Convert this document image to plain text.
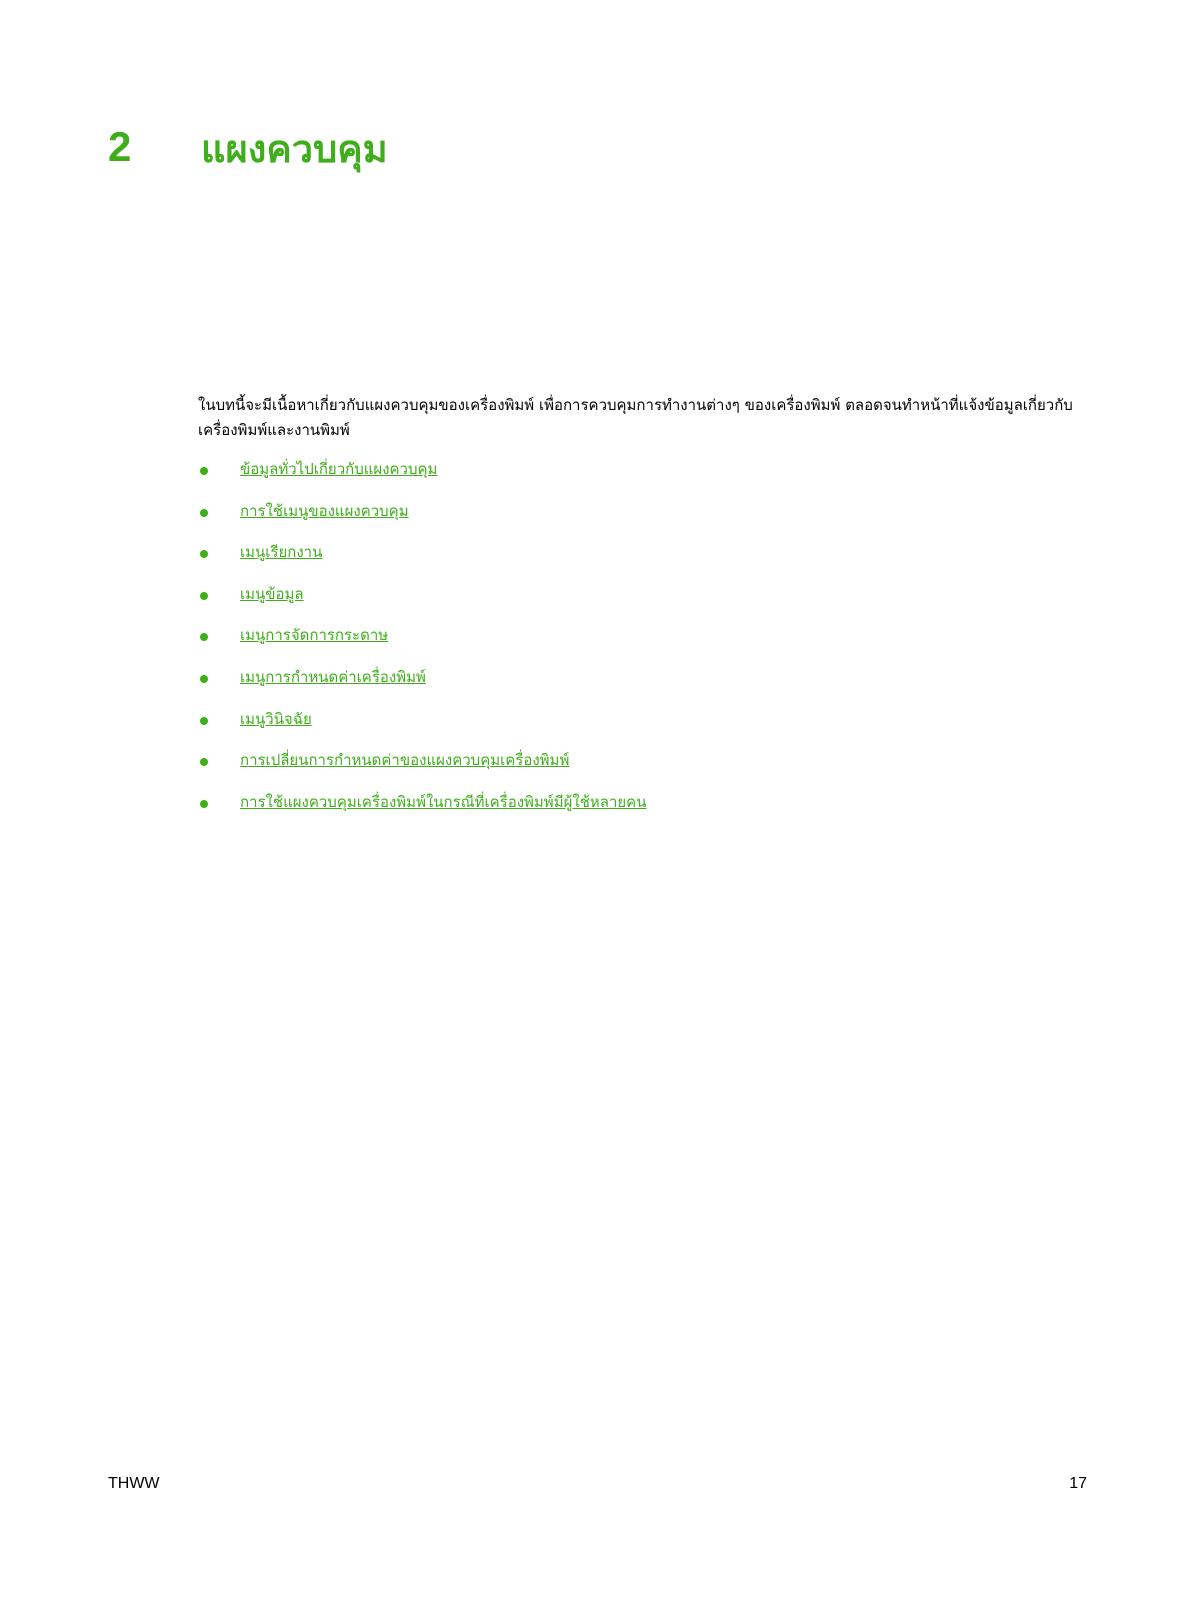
2 แผงควบคุม

ในบทนี้จะมีเนื้อหาเกี่ยวกับแผงควบคุมของเครื่องพิมพ์ เพื่อการควบคุมการทำงานต่างๆ ของเครื่องพิมพ์ ตลอดจนทำหน้าที่แจ้งข้อมูลเกี่ยวกับเครื่องพิมพ์และงานพิมพ์

ข้อมูลทั่วไปเกี่ยวกับแผงควบคุม
การใช้เมนูของแผงควบคุม
เมนูเรียกงาน
เมนูข้อมูล
เมนูการจัดการกระดาษ
เมนูการกำหนดค่าเครื่องพิมพ์
เมนูวินิจฉัย
การเปลี่ยนการกำหนดค่าของแผงควบคุมเครื่องพิมพ์
การใช้แผงควบคุมเครื่องพิมพ์ในกรณีที่เครื่องพิมพ์มีผู้ใช้หลายคน
THWW	17
